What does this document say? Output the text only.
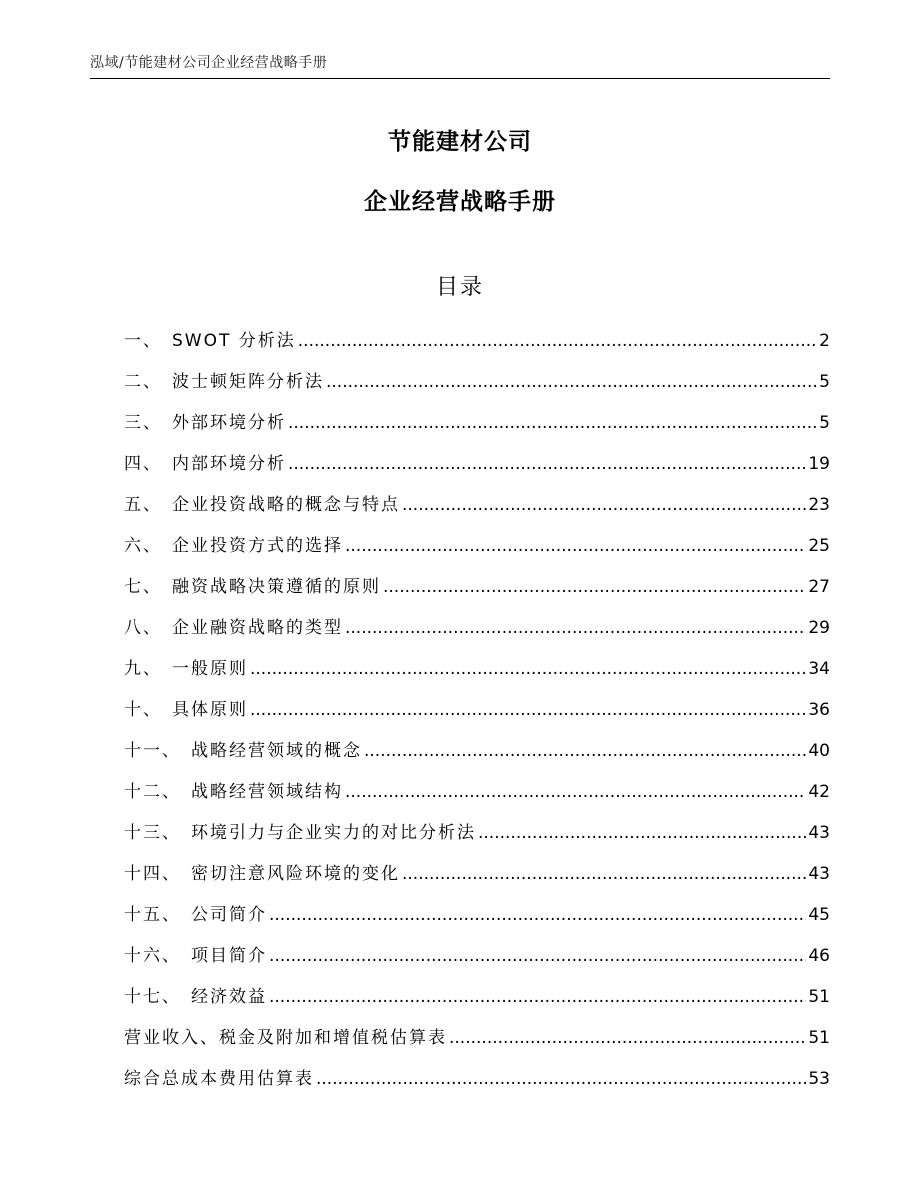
泓域/节能建材公司企业经营战略手册
节能建材公司
企业经营战略手册
目录
一、 SWOT 分析法 .....	2
二、 波士顿矩阵分析法 .....	5
三、 外部环境分析 .....	5
四、 内部环境分析 .....	19
五、 企业投资战略的概念与特点 .....	23
六、 企业投资方式的选择 .....	25
七、 融资战略决策遵循的原则 .....	27
八、 企业融资战略的类型 .....	29
九、 一般原则 .....	34
十、 具体原则 .....	36
十一、 战略经营领域的概念 .....	40
十二、 战略经营领域结构 .....	42
十三、 环境引力与企业实力的对比分析法 .....	43
十四、 密切注意风险环境的变化 .....	43
十五、 公司简介 .....	45
十六、 项目简介 .....	46
十七、 经济效益 .....	51
营业收入、税金及附加和增值税估算表 .....	51
综合总成本费用估算表 .....	53
